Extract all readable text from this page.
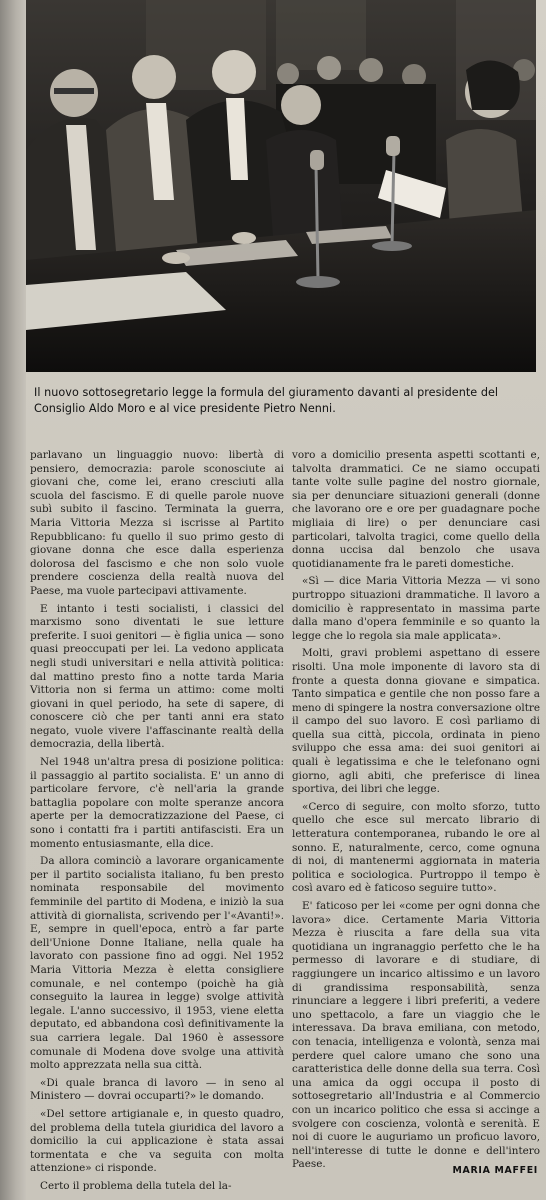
Il nuovo sottosegretario legge la formula del giuramento davanti al presidente del Consiglio Aldo Moro e al vice presidente Pietro Nenni.

parlavano un linguaggio nuovo: libertà di pensiero, democrazia: parole sconosciute ai giovani che, come lei, erano cresciuti alla scuola del fascismo. E di quelle parole nuove subì subito il fascino. Terminata la guerra, Maria Vittoria Mezza si iscrisse al Partito Repubblicano: fu quello il suo primo gesto di giovane donna che esce dalla esperienza dolorosa del fascismo e che non solo vuole prendere coscienza della realtà nuova del Paese, ma vuole partecipavi attivamente.

E intanto i testi socialisti, i classici del marxismo sono diventati le sue letture preferite. I suoi genitori — è figlia unica — sono quasi preoccupati per lei. La vedono applicata negli studi universitari e nella attività politica: dal mattino presto fino a notte tarda Maria Vittoria non si ferma un attimo: come molti giovani in quel periodo, ha sete di sapere, di conoscere ciò che per tanti anni era stato negato, vuole vivere l'affascinante realtà della democrazia, della libertà.

Nel 1948 un'altra presa di posizione politica: il passaggio al partito socialista. E' un anno di particolare fervore, c'è nell'aria la grande battaglia popolare con molte speranze ancora aperte per la democratizzazione del Paese, ci sono i contatti fra i partiti antifascisti. Era un momento entusiasmante, ella dice.

Da allora cominciò a lavorare organicamente per il partito socialista italiano, fu ben presto nominata responsabile del movimento femminile del partito di Modena, e iniziò la sua attività di giornalista, scrivendo per l'«Avanti!». E, sempre in quell'epoca, entrò a far parte dell'Unione Donne Italiane, nella quale ha lavorato con passione fino ad oggi. Nel 1952 Maria Vittoria Mezza è eletta consigliere comunale, e nel contempo (poichè ha già conseguito la laurea in legge) svolge attività legale. L'anno successivo, il 1953, viene eletta deputato, ed abbandona così definitivamente la sua carriera legale. Dal 1960 è assessore comunale di Modena dove svolge una attività molto apprezzata nella sua città.

«Di quale branca di lavoro — in seno al Ministero — dovrai occuparti?» le domando.

«Del settore artigianale e, in questo quadro, del problema della tutela giuridica del lavoro a domicilio la cui applicazione è stata assai tormentata e che va seguita con molta attenzione» ci risponde.

Certo il problema della tutela del la-

voro a domicilio presenta aspetti scottanti e, talvolta drammatici. Ce ne siamo occupati tante volte sulle pagine del nostro giornale, sia per denunciare situazioni generali (donne che lavorano ore e ore per guadagnare poche migliaia di lire) o per denunciare casi particolari, talvolta tragici, come quello della donna uccisa dal benzolo che usava quotidianamente fra le pareti domestiche.

«Sì — dice Maria Vittoria Mezza — vi sono purtroppo situazioni drammatiche. Il lavoro a domicilio è rappresentato in massima parte dalla mano d'opera femminile e so quanto la legge che lo regola sia male applicata».

Molti, gravi problemi aspettano di essere risolti. Una mole imponente di lavoro sta di fronte a questa donna giovane e simpatica. Tanto simpatica e gentile che non posso fare a meno di spingere la nostra conversazione oltre il campo del suo lavoro. E così parliamo di quella sua città, piccola, ordinata in pieno sviluppo che essa ama: dei suoi genitori ai quali è legatissima e che le telefonano ogni giorno, agli abiti, che preferisce di linea sportiva, dei libri che legge.

«Cerco di seguire, con molto sforzo, tutto quello che esce sul mercato librario di letteratura contemporanea, rubando le ore al sonno. E, naturalmente, cerco, come ognuna di noi, di mantenermi aggiornata in materia politica e sociologica. Purtroppo il tempo è così avaro ed è faticoso seguire tutto».

E' faticoso per lei «come per ogni donna che lavora» dice. Certamente Maria Vittoria Mezza è riuscita a fare della sua vita quotidiana un ingranaggio perfetto che le ha permesso di lavorare e di studiare, di raggiungere un incarico altissimo e un lavoro di grandissima responsabilità, senza rinunciare a leggere i libri preferiti, a vedere uno spettacolo, a fare un viaggio che le interessava. Da brava emiliana, con metodo, con tenacia, intelligenza e volontà, senza mai perdere quel calore umano che sono una caratteristica delle donne della sua terra. Così una amica da oggi occupa il posto di sottosegretario all'Industria e al Commercio con un incarico politico che essa si accinge a svolgere con coscienza, volontà e serenità. E noi di cuore le auguriamo un proficuo lavoro, nell'interesse di tutte le donne e dell'intero Paese.

MARIA MAFFEI
